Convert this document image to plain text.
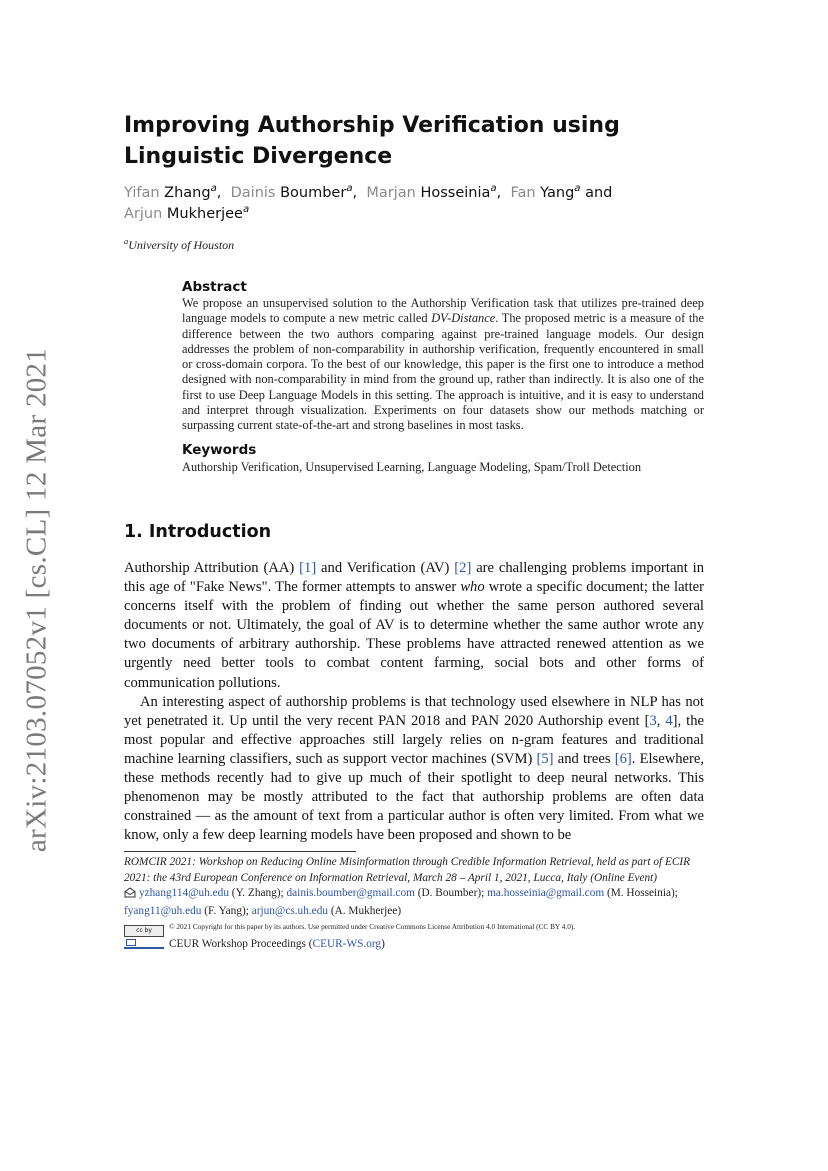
arXiv:2103.07052v1 [cs.CL] 12 Mar 2021
Improving Authorship Verification using Linguistic Divergence
Yifan Zhang$^a$, Dainis Boumber$^a$, Marjan Hosseinia$^a$, Fan Yang$^a$ and
Arjun Mukherjee$^a$
$^a$University of Houston
Abstract
We propose an unsupervised solution to the Authorship Verification task that utilizes pre-trained deep language models to compute a new metric called DV-Distance. The proposed metric is a measure of the difference between the two authors comparing against pre-trained language models. Our design addresses the problem of non-comparability in authorship verification, frequently encountered in small or cross-domain corpora. To the best of our knowledge, this paper is the first one to introduce a method designed with non-comparability in mind from the ground up, rather than indirectly. It is also one of the first to use Deep Language Models in this setting. The approach is intuitive, and it is easy to understand and interpret through visualization. Experiments on four datasets show our methods matching or surpassing current state-of-the-art and strong baselines in most tasks.
Keywords
Authorship Verification, Unsupervised Learning, Language Modeling, Spam/Troll Detection
1. Introduction

Authorship Attribution (AA) [1] and Verification (AV) [2] are challenging problems important in this age of "Fake News". The former attempts to answer who wrote a specific document; the latter concerns itself with the problem of finding out whether the same person authored several documents or not. Ultimately, the goal of AV is to determine whether the same author wrote any two documents of arbitrary authorship. These problems have attracted renewed attention as we urgently need better tools to combat content farming, social bots and other forms of communication pollutions.

An interesting aspect of authorship problems is that technology used elsewhere in NLP has not yet penetrated it. Up until the very recent PAN 2018 and PAN 2020 Authorship event [3, 4], the most popular and effective approaches still largely relies on n-gram features and traditional machine learning classifiers, such as support vector machines (SVM) [5] and trees [6]. Elsewhere, these methods recently had to give up much of their spotlight to deep neural networks. This phenomenon may be mostly attributed to the fact that authorship problems are often data constrained — as the amount of text from a particular author is often very limited. From what we know, only a few deep learning models have been proposed and shown to be

ROMCIR 2021: Workshop on Reducing Online Misinformation through Credible Information Retrieval, held as part of ECIR 2021: the 43rd European Conference on Information Retrieval, March 28 – April 1, 2021, Lucca, Italy (Online Event)
yzhang114@uh.edu (Y. Zhang); dainis.boumber@gmail.com (D. Boumber); ma.hosseinia@gmail.com (M. Hosseinia); fyang11@uh.edu (F. Yang); arjun@cs.uh.edu (A. Mukherjee)
cc by © 2021 Copyright for this paper by its authors. Use permitted under Creative Commons License Attribution 4.0 International (CC BY 4.0).
CEUR Workshop Proceedings (CEUR-WS.org)
